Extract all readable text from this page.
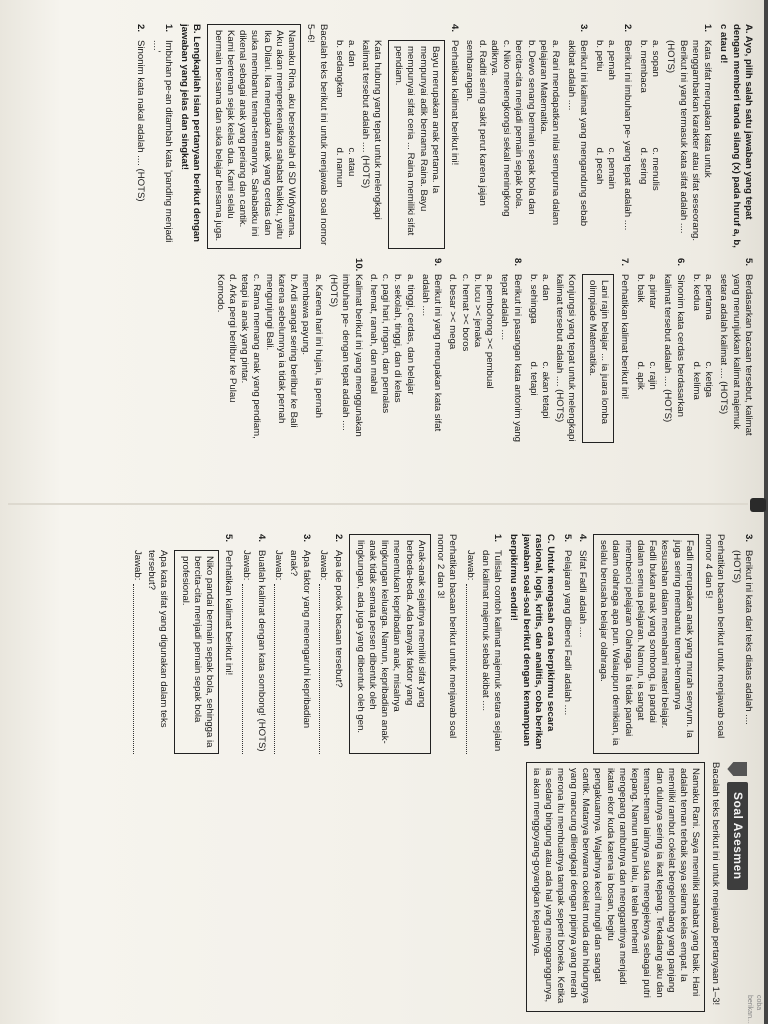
A. Ayo, pilih salah satu jawaban yang tepat dengan memberi tanda silang (x) pada huruf a, b, c atau d!
1.
Kata sifat merupakan kata untuk menggambarkan karakter atau sifat seseorang. Berikut ini yang termasuk kata sifat adalah .... (HOTS)
a. sopan
c. menulis
b. membaca
d. sering
2.
Berikut ini imbuhan pe- yang tepat adalah ....
a. pemah
c. pemain
b. petiu
d. pecah
3.
Berikut ini kalimat yang mengandung sebab akibat adalah ....
a. Rani mendapatkan nilai sempurna dalam pelajaran Matematika.
b. Dewo senang bermain sepak bola dan bercita-cita menjadi pemain sepak bola.
c. Niko menengkongsi sekali meningkong adiknya.
d. Raditi sering sakit perut karena jajan sembarangan.
4.
Perhatikan kalimat berikut ini!
Bayu merupakan anak pertama. Ia mempunyai adik bernama Raina. Bayu mempunyai sifat ceria ... Raina memiliki sifat pendiam.
Kata hubung yang tepat untuk melengkapi kalimat tersebut adalah .... (HOTS)
a. dan
c. atau
b. sedangkan
d. namun
Bacalah teks berikut ini untuk menjawab soal nomor 5–6!
Namaku Rina, aku bersekolah di SD Widyatama. Aku akan memperkenalkan sahabat baikku, yaitu Ika Dilani. Ika merupakan anak yang cerdas dan suka membantu teman-temannya. Sahabatku ini dikenal sebagai anak yang periang dan cantik. Kami berteman sejak kelas dua. Kami selalu bermain bersama dan suka belajar bersama juga.
B. Lengkapilah isian pertanyaan berikut dengan jawaban yang jelas dan singkat!
1.
Imbuhan pe-an ditambah kata 'panding menjadi ....'
2.
Sinonim kata nakal adalah .... (HOTS)
5.
Berdasarkan bacaan tersebut, kalimat yang menunjukkan kalimat majemuk setara adalah kalimat .... (HOTS)
a. pertama
c. ketiga
b. kedua
d. kelima
6.
Sinonim kata cerdas berdasarkan kalimat tersebut adalah .... (HOTS)
a. pintar
c. rajin
b. baik
d. apik
7.
Perhatikan kalimat berikut ini!
Lani rajin belajar ... ia juara lomba olimpiade Matematika.
Konjungsi yang tepat untuk melengkapi kalimat tersebut adalah .... (HOTS)
a. dan
c. akan tetapi
b. sehingga
d. tetapi
8.
Berikut ini pasangan kata antonim yang tepat adalah ....
a. pembohong >< pembual
b. lucu >< jenaka
c. hemat >< boros
d. besar >< mega
9.
Berikut ini yang merupakan kata sifat adalah ....
a. tinggi, cerdas, dan belajar
b. sekolah, tinggi, dan di kelas
c. pagi hari, ringan, dan pemalas
d. hemat, ramah, dan mahal
10.
Kalimat berikut ini yang menggunakan imbuhan pe- dengan tepat adalah .... (HOTS)
a. Karena hari ini hujan, ia pernah membawa payung.
b. Ardi sangat sering berlibur ke Bali karena sebelumnya ia tidak pernah mengunjungi Bali.
c. Rama memang anak yang pendiam, tetapi ia anak yang pintar.
d. Arka pergi berlibur ke Pulau Komodo.
3.
Berikut ini kata dari teks diatas adalah ....(HOTS)
Perhatikan bacaan berikut untuk menjawab soal nomor 4 dan 5!
Fadli merupakan anak yang murah senyum. Ia juga sering membantu teman-temannya kesusahan dalam memahami materi belajar. Fadli bukan anak yang sombong, ia pandai dalam semua pelajaran. Namun, ia sangat membenci pelajaran Olahraga. Ia tidak pandai dalam olahraga apa pun. Walaupun demikian, ia selalu berusaha belajar olahraga.
4.
Sifat Fadli adalah ....
5.
Pelajaran yang dibenci Fadli adalah ....
C. Untuk mengasah cara berpikirmu secara rasional, logis, kritis, dan analitis, coba berikan jawaban soal-soal berikut dengan kemampuan berpikirmu sendiri!
1.
Tulislah contoh kalimat majemuk setara sejalan dan kalimat majemuk sebab akibat ....
Jawab:
Perhatikan bacaan berikut untuk menjawab soal nomor 2 dan 3!
Anak-anak sejatinya memiliki sifat yang berbeda-beda. Ada banyak faktor yang menentukan kepribadian anak, misalnya lingkungan keluarga. Namun, kepribadian anak-anak tidak semata persen dibentuk oleh lingkungan, ada juga yang dibentuk oleh gen.
2.
Apa ide pokok bacaan tersebut?
Jawab:
3.
Apa faktor yang menengaruhi kepribadian anak?
Jawab:
4.
Buatlah kalimat dengan kata sombong! (HOTS)
Jawab:
5.
Perhatikan kalimat berikut ini!
Niko pandai bermain sepak bola, sehingga ia bercita-cita menjadi pemain sepak bola profesional.
Apa kata sifat yang digunakan dalam teks tersebut?
Jawab:
Soal Asesmen
Bacalah teks berikut ini untuk menjawab pertanyaan 1–3!
Namaku Rani. Saya memiliki sahabat yang baik. Hani adalah teman terbaik saya selama kelas empat. Ia memiliki rambut cokelat bergelombang yang panjang dan dulunya sering ia ikat kepang. Terkadang aku dan teman-teman lainnya suka mengejeknya sebagai putri kepang. Namun tahun lalu, ia telah berhenti mengepang rambutnya dan menggantinya menjadi ikatan ekor kuda karena ia bosan, begitu pengakuannya. Wajahnya kecil mungil dan sangat cantik. Matanya berwarna cokelat muda dan hidungnya yang mancung dilengkapi dengan pipinya yang merah merona itu membuatnya tampak seperti boneka. Ketika ia sedang bingung atau ada hal yang mengganggunya, ia akan menggoyang-goyangkan kepalanya.
coba berikan...
